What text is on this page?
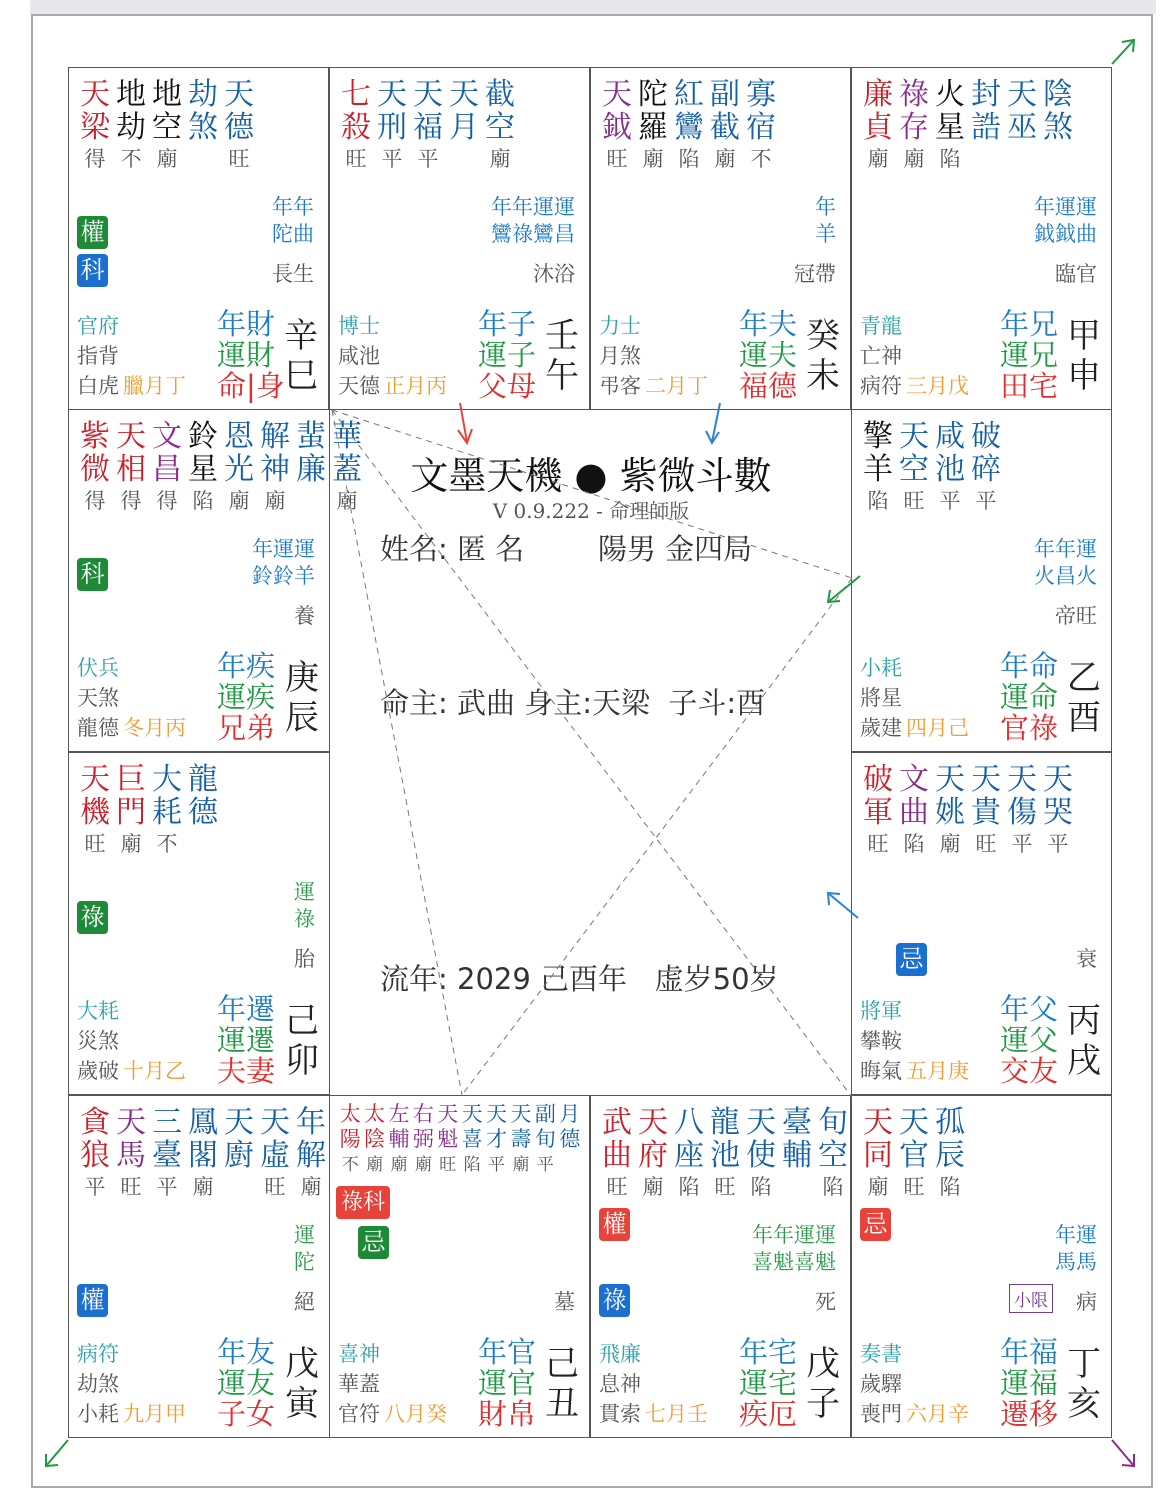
天
梁
得
地
劫
不
地
空
廟
劫
煞
天
德
旺
權
科
年年
陀曲
長生
官府
指背
白虎 臘月丁
年財
運財
命|身
辛
巳
七
殺
旺
天
刑
平
天
福
平
天
月
截
空
廟
年年運運
鸞祿鸞昌
沐浴
博士
咸池
天德 正月丙
年子
運子
父母
壬
午
天
鉞
旺
陀
羅
廟
紅
鸞
陷
副
截
廟
寡
宿
不
年
羊
冠帶
力士
月煞
弔客 二月丁
年夫
運夫
福德
癸
未
廉
貞
廟
祿
存
廟
火
星
陷
封
誥
天
巫
陰
煞
年運運
鉞鉞曲
臨官
青龍
亡神
病符 三月戊
年兄
運兄
田宅
甲
申
紫
微
得
天
相
得
文
昌
得
鈴
星
陷
恩
光
廟
解
神
廟
蜚
廉
華
蓋
廟
科
年運運
鈴鈴羊
養
伏兵
天煞
龍德 冬月丙
年疾
運疾
兄弟
庚
辰
擎
羊
陷
天
空
旺
咸
池
平
破
碎
平
年年運
火昌火
帝旺
小耗
將星
歲建 四月己
年命
運命
官祿
乙
酉
天
機
旺
巨
門
廟
大
耗
不
龍
德
祿
運
祿
胎
大耗
災煞
歲破 十月乙
年遷
運遷
夫妻
己
卯
破
軍
旺
文
曲
陷
天
姚
廟
天
貴
旺
天
傷
平
天
哭
平
忌	衰
將軍
攀鞍
晦氣 五月庚
年父
運父
交友
丙
戌
貪
狼
平
天
馬
旺
三
臺
平
鳳
閣
廟
天
廚
天
虛
旺
年
解
廟
權
運
陀
絕
病符
劫煞
小耗 九月甲
年友
運友
子女
戊
寅
太
陽
不
太
陰
廟
左
輔
廟
右
弼
廟
天
魁
旺
天
喜
陷
天
才
平
天
壽
廟
副
旬
平
月
德
祿科
忌
墓
喜神
華蓋
官符 八月癸
年官
運官
財帛
己
丑
武
曲
旺
天
府
廟
八
座
陷
龍
池
旺
天
使
陷
臺
輔
旬
空
陷
權
祿
年年運運
喜魁喜魁
死
飛廉
息神
貫索 七月壬
年宅
運宅
疾厄
戊
子
天
同
廟
天
官
旺
孤
辰
陷
忌	年運
馬馬
病
小限
奏書
歲驛
喪門 六月辛
年福
運福
遷移
丁
亥
文墨天機 ● 紫微斗數
V 0.9.222 - 命理師版
姓名: 匿 名        陽男 金四局
命主: 武曲 身主:天梁  子斗:酉
流年: 2029 己酉年   虚岁50岁
